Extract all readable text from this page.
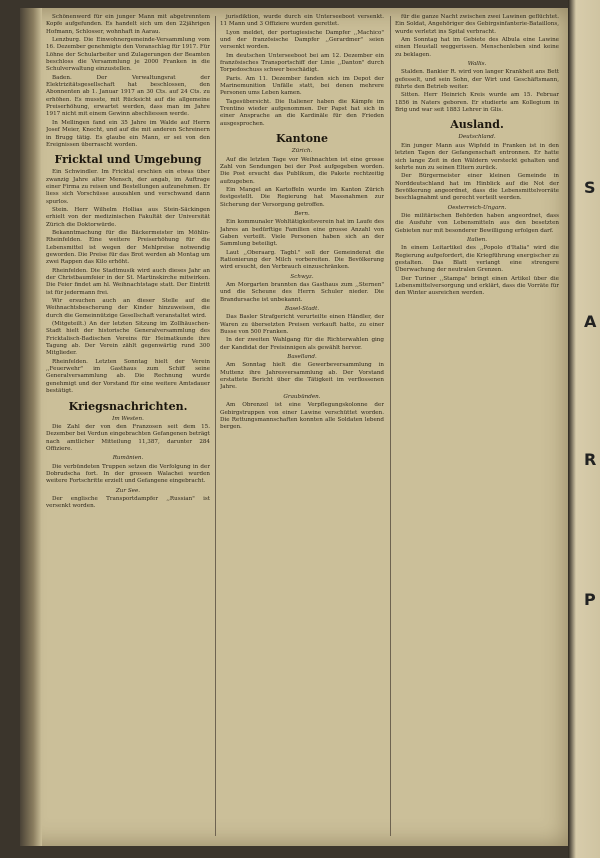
Schönenwerd für ein junger Mann mit abgetrenntem Kopfe aufgefunden. Es handelt sich um den 22jährigen Hofmann, Schlosser, wohnhaft in Aarau.

Lenzburg. Die Einwohnergemeinde-Versammlung vom 16. Dezember genehmigte den Voranschlag für 1917. Für Löhne der Schularbeiter und Zulagerungen der Beamten beschloss die Versammlung je 2000 Franken in die Schulverwaltung einzustellen.

Baden. Der Verwaltungsrat der Elektrizitätsgesellschaft hat beschlossen, den Abonnenten ab 1. Januar 1917 an 30 Cts. auf 24 Cts. zu erhöhen. Es musste, mit Rücksicht auf die allgemeine Preiserhöhung, erwartet werden, dass man im Jahre 1917 nicht mit einem Gewinn abschliessen werde.

In Mellingen fand ein 35 Jahre im Walde auf Herrn Josef Meier, Knecht, und auf die mit anderen Schreinern in Brugg tätig. Es glaube ein Mann, er sei von den Ereignissen überrascht worden.

Fricktal und Umgebung

Ein Schwindler. Im Fricktal erschien ein etwas über zwanzig Jahre alter Mensch, der angab, im Auftrage einer Firma zu reisen und Bestellungen aufzunehmen. Er liess sich Vorschüsse auszahlen und verschwand dann spurlos.

Stein. Herr Wilhelm Hollias aus Stein-Säckingen erhielt von der medizinischen Fakultät der Universität Zürich die Doktorwürde.

Bekanntmachung für die Bäckermeister im Möhlin-Rheinfelden. Eine weitere Preiserhöhung für die Lebensmittel ist wegen der Mehlpreise notwendig geworden. Die Preise für das Brot werden ab Montag um zwei Rappen das Kilo erhöht.

Rheinfelden. Die Stadtmusik wird auch dieses Jahr an der Christbaumfeier in der St. Martinskirche mitwirken. Die Feier findet am hl. Weihnachtstage statt. Der Eintritt ist für jedermann frei.

Wir ersuchen auch an dieser Stelle auf die Weihnachtsbescherung der Kinder hinzuweisen, die durch die Gemeinnützige Gesellschaft veranstaltet wird.

(Mitgeteilt.) An der letzten Sitzung im Zollhäuschen-Stadt hielt der historische Generalversammlung des Fricktalisch-Badischen Vereins für Heimatkunde ihre Tagung ab. Der Verein zählt gegenwärtig rund 300 Mitglieder.

Rheinfelden. Letzten Sonntag hielt der Verein ,,Feuerwehr" im Gasthaus zum Schiff seine Generalversammlung ab. Die Rechnung wurde genehmigt und der Vorstand für eine weitere Amtsdauer bestätigt.

Kriegsnachrichten.
Im Westen.

Die Zahl der von den Franzosen seit dem 15. Dezember bei Verdun eingebrachten Gefangenen beträgt nach amtlicher Mitteilung 11,387, darunter 284 Offiziere.

Rumänien.

Die verbündeten Truppen setzen die Verfolgung in der Dobrudscha fort. In der grossen Walachei wurden weitere Fortschritte erzielt und Gefangene eingebracht.

Zur See.

Der englische Transportdampfer ,,Russian" ist versenkt worden.

jurisdiktion, wurde durch ein Unterseeboot versenkt. 11 Mann und 3 Offiziere wurden gerettet.

Lyon meldet, der portugiesische Dampfer ,,Machico" und der französische Dampfer ,,Gerardmer" seien versenkt worden.

Im deutschen Unterseeboot bei am 12. Dezember ein französisches Transportschiff der Linie ,,Danton" durch Torpedoschuss schwer beschädigt.

Paris. Am 11. Dezember fanden sich im Depot der Marinemunition Unfälle statt, bei denen mehrere Personen ums Leben kamen.

Tagesübersicht. Die Italiener haben die Kämpfe im Trentino wieder aufgenommen. Der Papst hat sich in einer Ansprache an die Kardinäle für den Frieden ausgesprochen.

Kantone
Zürich.

Auf die letzten Tage vor Weihnachten ist eine grosse Zahl von Sendungen bei der Post aufgegeben worden. Die Post ersucht das Publikum, die Pakete rechtzeitig aufzugeben.

Ein Mangel an Kartoffeln wurde im Kanton Zürich festgestellt. Die Regierung hat Massnahmen zur Sicherung der Versorgung getroffen.

Bern.

Ein kommunaler Wohltätigkeitsverein hat im Laufe des Jahres an bedürftige Familien eine grosse Anzahl von Gaben verteilt. Viele Personen haben sich an der Sammlung beteiligt.

Laut ,,Oberaarg. Tagbl." soll der Gemeinderat die Rationierung der Milch vorbereiten. Die Bevölkerung wird ersucht, den Verbrauch einzuschränken.

Schwyz.

Am Morgarten brannten das Gasthaus zum ,,Sternen" und die Scheune des Herrn Schuler nieder. Die Brandursache ist unbekannt.

Basel-Stadt.

Das Basler Strafgericht verurteilte einen Händler, der Waren zu übersetzten Preisen verkauft hatte, zu einer Busse von 500 Franken.

In der zweiten Wahlgang für die Richterwahlen ging der Kandidat der Freisinnigen als gewählt hervor.

Baselland.

Am Sonntag hielt die Gewerbeversammlung in Muttenz ihre Jahresversammlung ab. Der Vorstand erstattete Bericht über die Tätigkeit im verflossenen Jahre.

Graubünden.

Am Obrenzel ist eine Verpflegungskolonne der Gebirgstruppen von einer Lawine verschüttet worden. Die Rettungsmannschaften konnten alle Soldaten lebend bergen.

für die ganze Nacht zwischen zwei Lawinen geflüchtet. Ein Soldat, Angehöriger des Gebirgsinfanterie-Bataillons, wurde verletzt ins Spital verbracht.

Am Sonntag hat im Gebiete des Albula eine Lawine einen Heustall weggerissen. Menschenleben sind keine zu beklagen.

Wallis.

Stalden. Bankier R. wird von langer Krankheit ans Bett gefesselt, und sein Sohn, der Wirt und Geschäftsmann, führte den Betrieb weiter.

Sitten. Herr Heinrich Kreis wurde am 15. Februar 1856 in Naters geboren. Er studierte am Kollegium in Brig und war seit 1883 Lehrer in Glis.

Ausland.
Deutschland.

Ein junger Mann aus Wipfeld in Franken ist in den letzten Tagen der Gefangenschaft entronnen. Er hatte sich lange Zeit in den Wäldern versteckt gehalten und kehrte nun zu seinen Eltern zurück.

Der Bürgermeister einer kleinen Gemeinde in Norddeutschland hat im Hinblick auf die Not der Bevölkerung angeordnet, dass die Lebensmittelvorräte beschlagnahmt und gerecht verteilt werden.

Oesterreich-Ungarn.

Die militärischen Behörden haben angeordnet, dass die Ausfuhr von Lebensmitteln aus den besetzten Gebieten nur mit besonderer Bewilligung erfolgen darf.

Italien.

In einem Leitartikel des ,,Popolo d'Italia" wird die Regierung aufgefordert, die Kriegführung energischer zu gestalten. Das Blatt verlangt eine strengere Überwachung der neutralen Grenzen.

Der Turiner ,,Stampa" bringt einen Artikel über die Lebensmittelversorgung und erklärt, dass die Vorräte für den Winter ausreichen werden.

S
A
R
P
